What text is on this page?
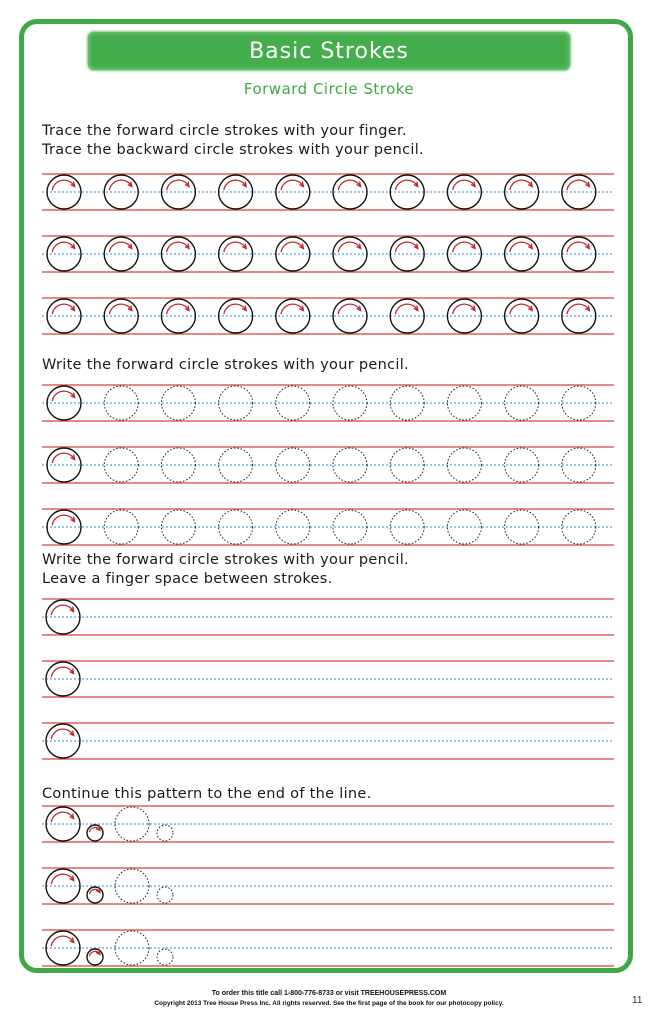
Basic Strokes
Forward Circle Stroke
Trace the forward circle strokes with your finger.
Trace the backward circle strokes with your pencil.
Write the forward circle strokes with your pencil.
Write the forward circle strokes with your pencil.
Leave a finger space between strokes.
Continue this pattern to the end of the line.
To order this title call 1-800-776-8733 or visit TREEHOUSEPRESS.COM
Copyright 2013 Tree House Press Inc. All rights reserved. See the first page of the book for our photocopy policy.	11
